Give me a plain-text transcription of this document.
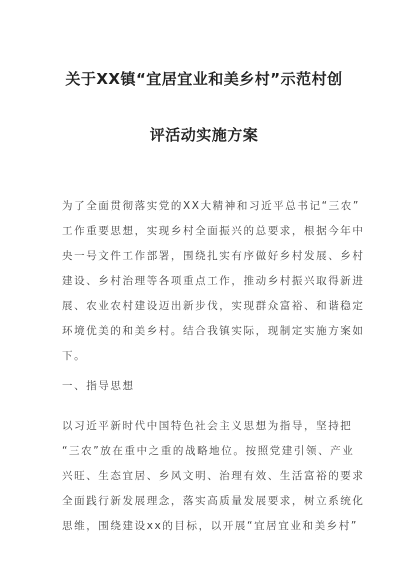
关于XX镇“宜居宜业和美乡村”示范村创
评活动实施方案
为了全面贯彻落实党的XX大精神和习近平总书记“三农”
工作重要思想，实现乡村全面振兴的总要求，根据今年中
央一号文件工作部署，围绕扎实有序做好乡村发展、乡村
建设、乡村治理等各项重点工作，推动乡村振兴取得新进
展、农业农村建设迈出新步伐，实现群众富裕、和谐稳定
环境优美的和美乡村。结合我镇实际，现制定实施方案如
下。
一、指导思想
以习近平新时代中国特色社会主义思想为指导，坚持把
“三农”放在重中之重的战略地位。按照党建引领、产业
兴旺、生态宜居、乡风文明、治理有效、生活富裕的要求
全面践行新发展理念，落实高质量发展要求，树立系统化
思维，围绕建设xx的目标，以开展“宜居宜业和美乡村”
